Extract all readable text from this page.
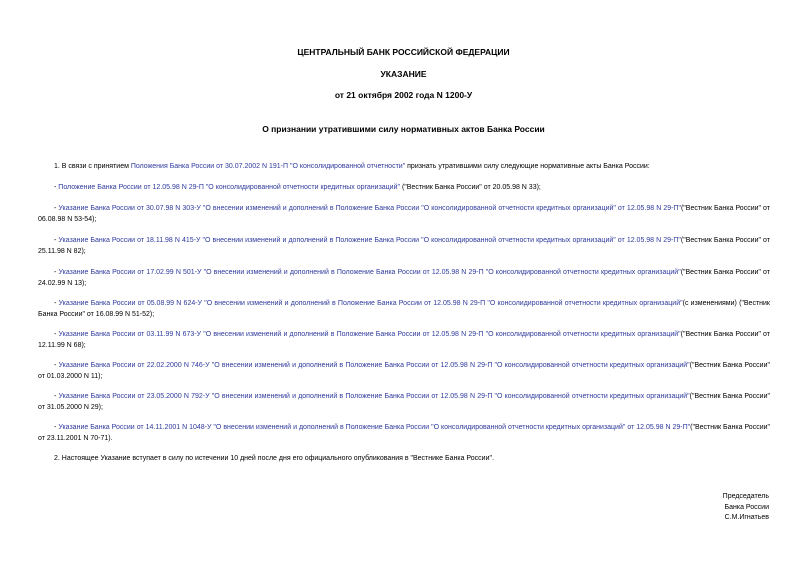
ЦЕНТРАЛЬНЫЙ БАНК РОССИЙСКОЙ ФЕДЕРАЦИИ
УКАЗАНИЕ
от 21 октября 2002 года N 1200-У
О признании утратившими силу нормативных актов Банка России

1. В связи с принятием Положения Банка России от 30.07.2002 N 191-П "О консолидированной отчетности" признать утратившими силу следующие нормативные акты Банка России:

- Положение Банка России от 12.05.98 N 29-П "О консолидированной отчетности кредитных организаций" ("Вестник Банка России" от 20.05.98 N 33);

- Указание Банка России от 30.07.98 N 303-У "О внесении изменений и дополнений в Положение Банка России "О консолидированной отчетности кредитных организаций" от 12.05.98 N 29-П"("Вестник Банка России" от 06.08.98 N 53-54);

- Указание Банка России от 18.11.98 N 415-У "О внесении изменений и дополнений в Положение Банка России "О консолидированной отчетности кредитных организаций" от 12.05.98 N 29-П"("Вестник Банка России" от 25.11.98 N 82);

- Указание Банка России от 17.02.99 N 501-У "О внесении изменений и дополнений в Положение Банка России от 12.05.98 N 29-П "О консолидированной отчетности кредитных организаций"("Вестник Банка России" от 24.02.99 N 13);

- Указание Банка России от 05.08.99 N 624-У "О внесении изменений и дополнений в Положение Банка России от 12.05.98 N 29-П "О консолидированной отчетности кредитных организаций"(с изменениями) ("Вестник Банка России" от 16.08.99 N 51-52);

- Указание Банка России от 03.11.99 N 673-У "О внесении изменений и дополнений в Положение Банка России от 12.05.98 N 29-П "О консолидированной отчетности кредитных организаций"("Вестник Банка России" от 12.11.99 N 68);

- Указание Банка России от 22.02.2000 N 746-У "О внесении изменений и дополнений в Положение Банка России от 12.05.98 N 29-П "О консолидированной отчетности кредитных организаций"("Вестник Банка России" от 01.03.2000 N 11);

- Указание Банка России от 23.05.2000 N 792-У "О внесении изменений и дополнений в Положение Банка России от 12.05.98 N 29-П "О консолидированной отчетности кредитных организаций"("Вестник Банка России" от 31.05.2000 N 29);

- Указание Банка России от 14.11.2001 N 1048-У "О внесении изменений и дополнений в Положение Банка России "О консолидированной отчетности кредитных организаций" от 12.05.98 N 29-П"("Вестник Банка России" от 23.11.2001 N 70-71).

2. Настоящее Указание вступает в силу по истечении 10 дней после дня его официального опубликования в "Вестнике Банка России".

Председатель
Банка России
С.М.Игнатьев
